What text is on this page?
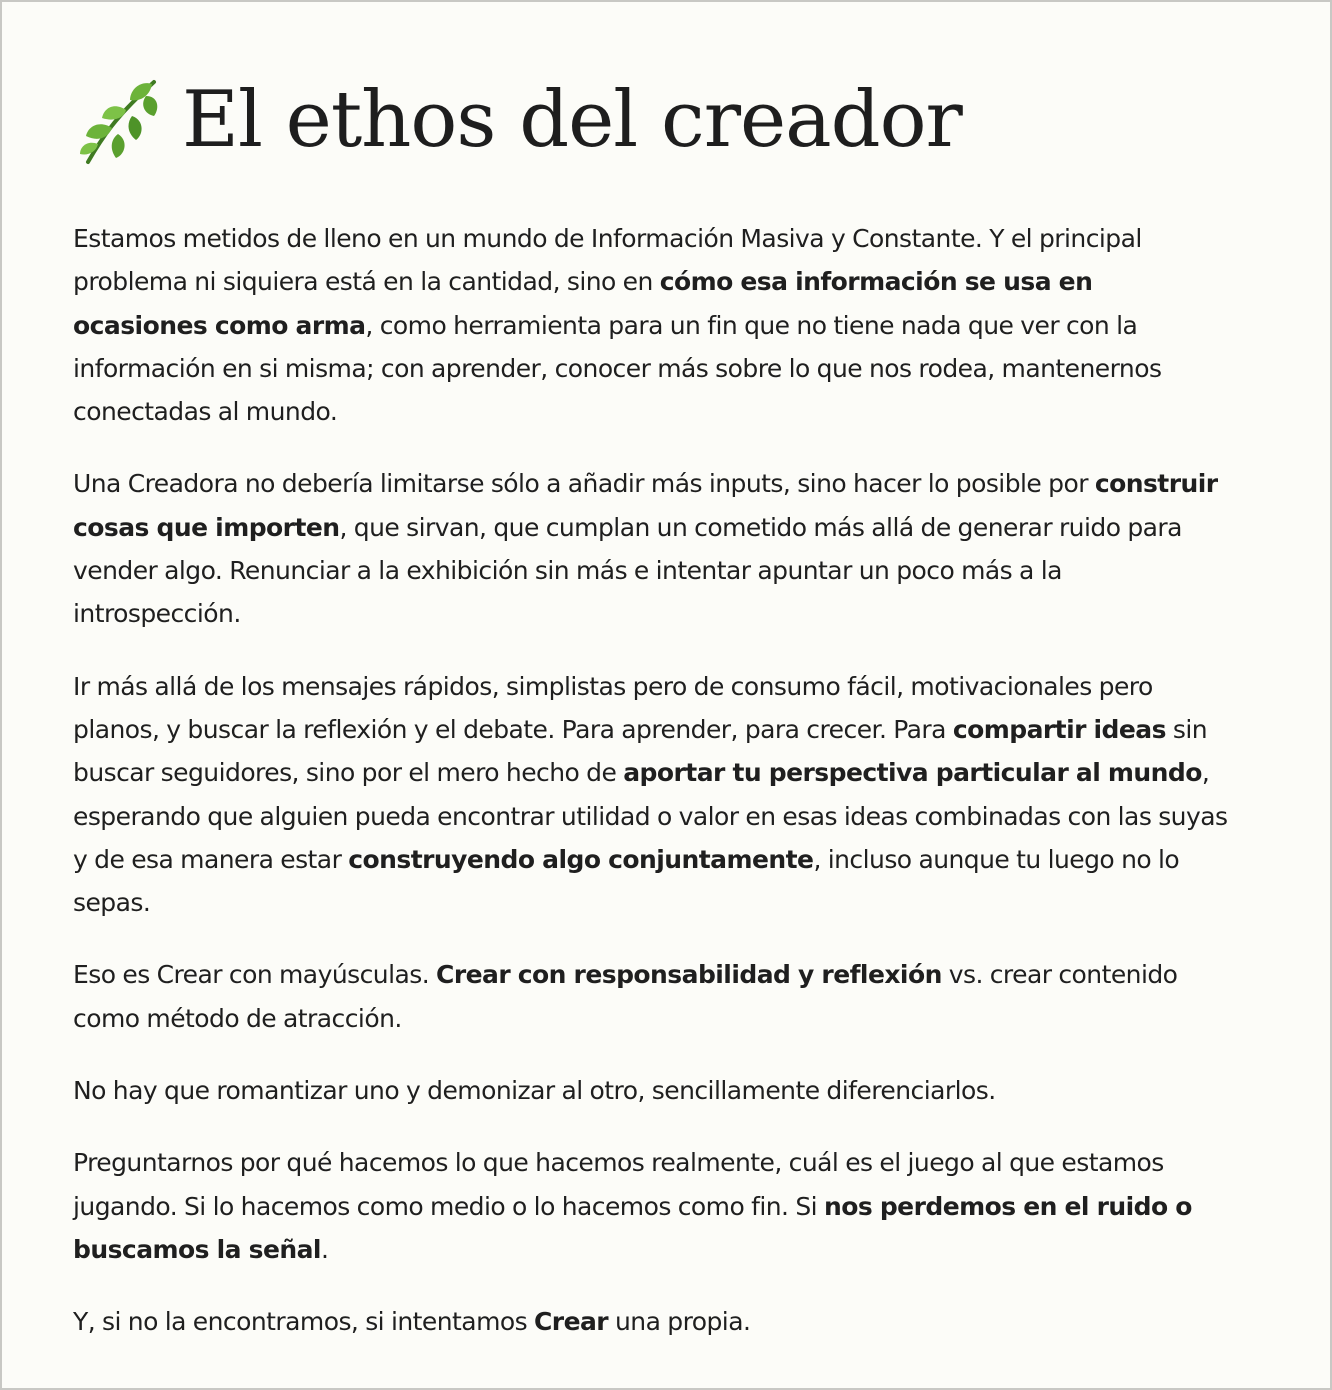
El ethos del creador

Estamos metidos de lleno en un mundo de Información Masiva y Constante. Y el principal problema ni siquiera está en la cantidad, sino en cómo esa información se usa en ocasiones como arma, como herramienta para un fin que no tiene nada que ver con la información en si misma; con aprender, conocer más sobre lo que nos rodea, mantenernos conectadas al mundo.

Una Creadora no debería limitarse sólo a añadir más inputs, sino hacer lo posible por construir cosas que importen, que sirvan, que cumplan un cometido más allá de generar ruido para vender algo. Renunciar a la exhibición sin más e intentar apuntar un poco más a la introspección.

Ir más allá de los mensajes rápidos, simplistas pero de consumo fácil, motivacionales pero planos, y buscar la reflexión y el debate. Para aprender, para crecer. Para compartir ideas sin buscar seguidores, sino por el mero hecho de aportar tu perspectiva particular al mundo, esperando que alguien pueda encontrar utilidad o valor en esas ideas combinadas con las suyas y de esa manera estar construyendo algo conjuntamente, incluso aunque tu luego no lo sepas.

Eso es Crear con mayúsculas. Crear con responsabilidad y reflexión vs. crear contenido como método de atracción.

No hay que romantizar uno y demonizar al otro, sencillamente diferenciarlos.

Preguntarnos por qué hacemos lo que hacemos realmente, cuál es el juego al que estamos jugando. Si lo hacemos como medio o lo hacemos como fin. Si nos perdemos en el ruido o buscamos la señal.

Y, si no la encontramos, si intentamos Crear una propia.
